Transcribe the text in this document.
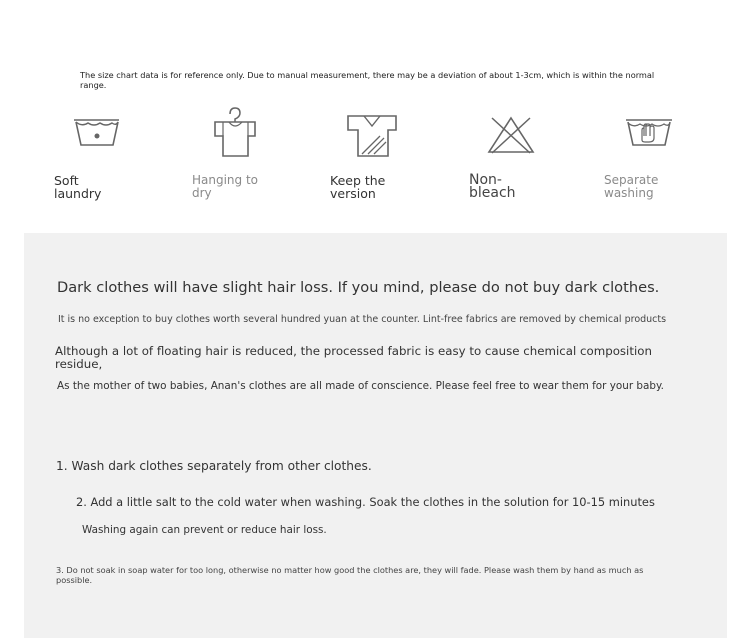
The size chart data is for reference only. Due to manual measurement, there may be a deviation of about 1-3cm, which is within the normal range.
Soft laundry
Hanging to dry
Keep the version
Non-bleach
Separate washing
Dark clothes will have slight hair loss. If you mind, please do not buy dark clothes.
It is no exception to buy clothes worth several hundred yuan at the counter. Lint-free fabrics are removed by chemical products
Although a lot of floating hair is reduced, the processed fabric is easy to cause chemical composition residue,
As the mother of two babies, Anan's clothes are all made of conscience. Please feel free to wear them for your baby.
1. Wash dark clothes separately from other clothes.
2. Add a little salt to the cold water when washing. Soak the clothes in the solution for 10-15 minutes
Washing again can prevent or reduce hair loss.
3. Do not soak in soap water for too long, otherwise no matter how good the clothes are, they will fade. Please wash them by hand as much as possible.
